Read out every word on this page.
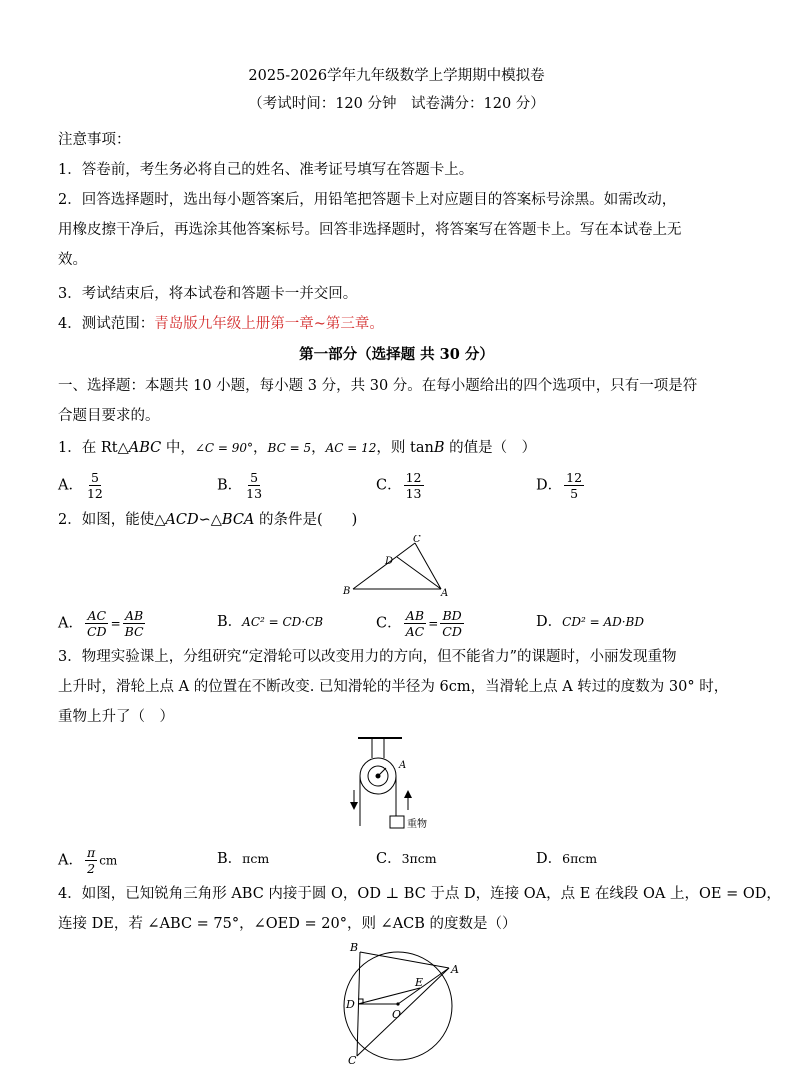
2025-2026学年九年级数学上学期期中模拟卷
（考试时间：120 分钟　试卷满分：120 分）
注意事项：
1．答卷前，考生务必将自己的姓名、准考证号填写在答题卡上。
2．回答选择题时，选出每小题答案后，用铅笔把答题卡上对应题目的答案标号涂黑。如需改动，
用橡皮擦干净后，再选涂其他答案标号。回答非选择题时，将答案写在答题卡上。写在本试卷上无
效。
3．考试结束后，将本试卷和答题卡一并交回。
4．测试范围：青岛版九年级上册第一章~第三章。
第一部分（选择题 共 30 分）
一、选择题：本题共 10 小题，每小题 3 分，共 30 分。在每小题给出的四个选项中，只有一项是符
合题目要求的。
1．在 Rt△ABC 中，∠C = 90°，BC = 5，AC = 12，则 tanB 的值是（　）
A． $\frac{5}{12}$	B． $\frac{5}{13}$	C． $\frac{12}{13}$	D． $\frac{12}{5}$
2．如图，能使△ACD∽△BCA 的条件是(　　)
C
D
B	A
A． $\frac{AC}{CD} = \frac{AB}{BC}$	B．AC² = CD·CB	C． $\frac{AB}{AC} = \frac{BD}{CD}$	D．CD² = AD·BD
3．物理实验课上，分组研究“定滑轮可以改变用力的方向，但不能省力”的课题时，小丽发现重物
上升时，滑轮上点 A 的位置在不断改变. 已知滑轮的半径为 6cm，当滑轮上点 A 转过的度数为 30° 时，
重物上升了（　）
A
重物
A． $\frac{\pi}{2}$ cm	B．πcm	C．3πcm	D．6πcm
4．如图，已知锐角三角形 ABC 内接于圆 O，OD ⊥ BC 于点 D，连接 OA，点 E 在线段 OA 上，OE = OD，
连接 DE，若 ∠ABC = 75°，∠OED = 20°，则 ∠ACB 的度数是（）
B
A
E
D
O
C
